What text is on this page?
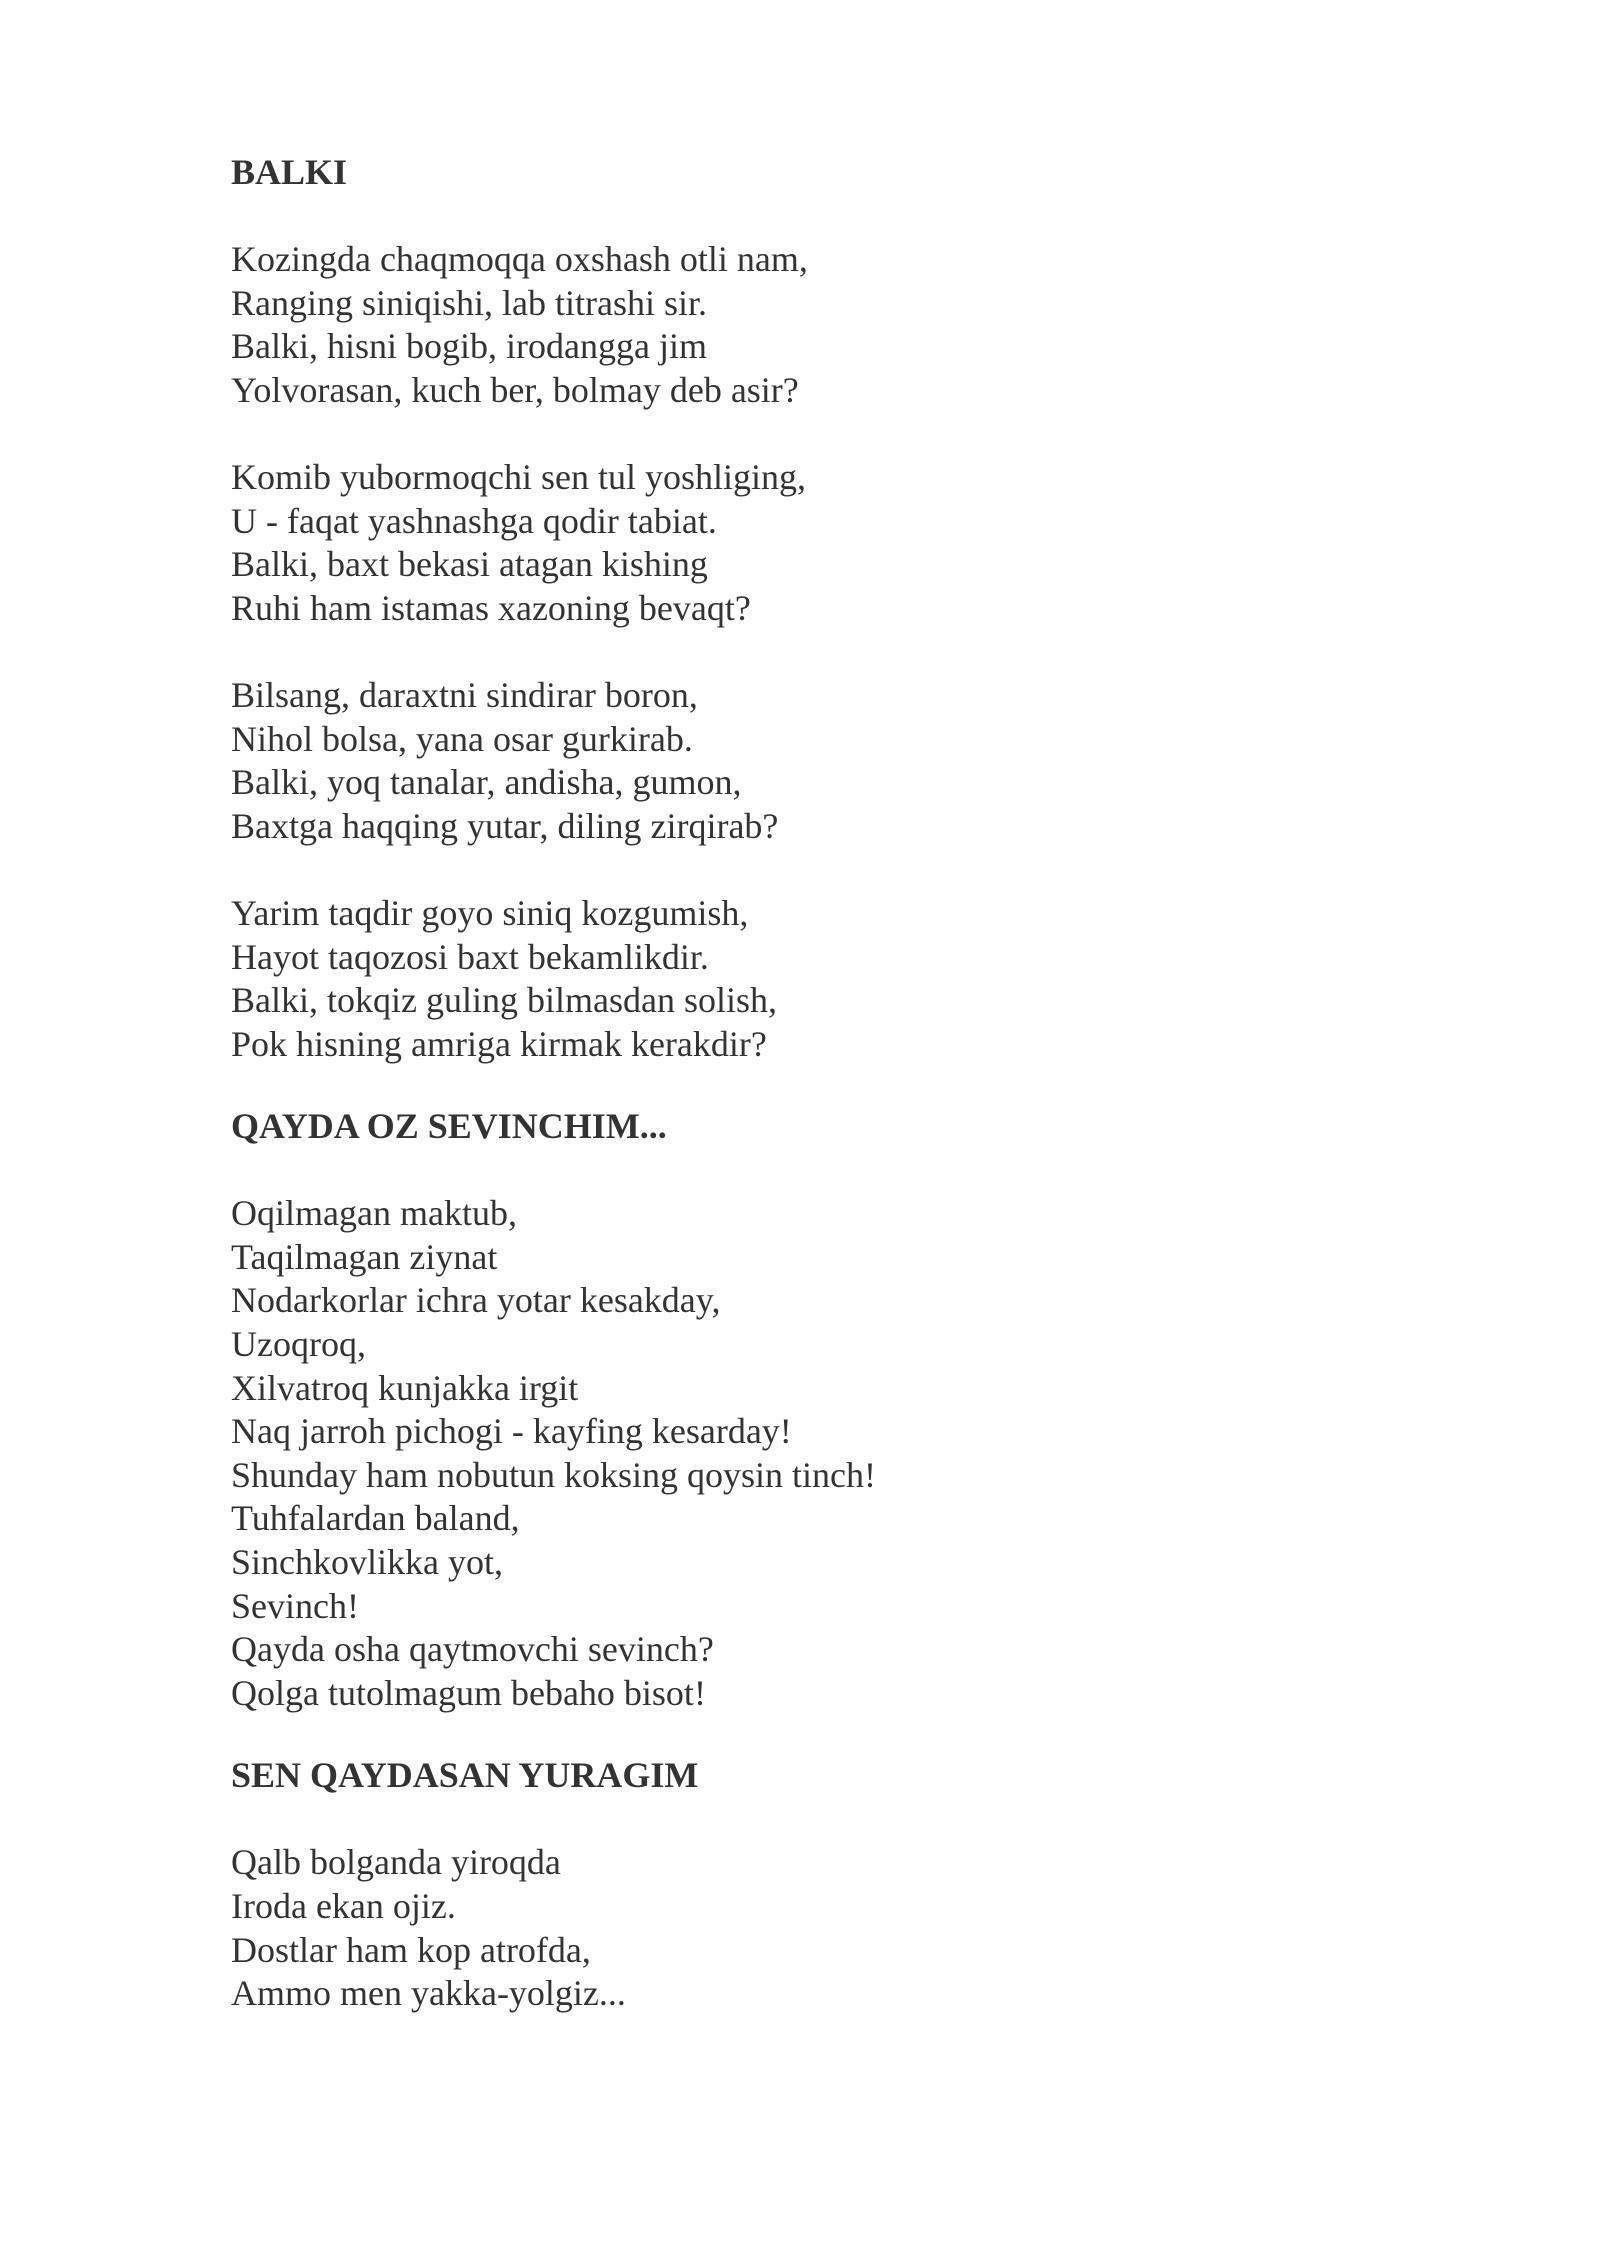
BALKI
Kozingda chaqmoqqa oxshash otli nam,
Ranging siniqishi, lab titrashi sir.
Balki, hisni bogib, irodangga jim
Yolvorasan, kuch ber, bolmay deb asir?
Komib yubormoqchi sen tul yoshliging,
U - faqat yashnashga qodir tabiat.
Balki, baxt bekasi atagan kishing
Ruhi ham istamas xazoning bevaqt?
Bilsang, daraxtni sindirar boron,
Nihol bolsa, yana osar gurkirab.
Balki, yoq tanalar, andisha, gumon,
Baxtga haqqing yutar, diling zirqirab?
Yarim taqdir goyo siniq kozgumish,
Hayot taqozosi baxt bekamlikdir.
Balki, tokqiz guling bilmasdan solish,
Pok hisning amriga kirmak kerakdir?
QAYDA OZ SEVINCHIM...
Oqilmagan maktub,
Taqilmagan ziynat
Nodarkorlar ichra yotar kesakday,
Uzoqroq,
Xilvatroq kunjakka irgit
Naq jarroh pichogi - kayfing kesarday!
Shunday ham nobutun koksing qoysin tinch!
Tuhfalardan baland,
Sinchkovlikka yot,
Sevinch!
Qayda osha qaytmovchi sevinch?
Qolga tutolmagum bebaho bisot!
SEN QAYDASAN YURAGIM
Qalb bolganda yiroqda
Iroda ekan ojiz.
Dostlar ham kop atrofda,
Ammo men yakka-yolgiz...
